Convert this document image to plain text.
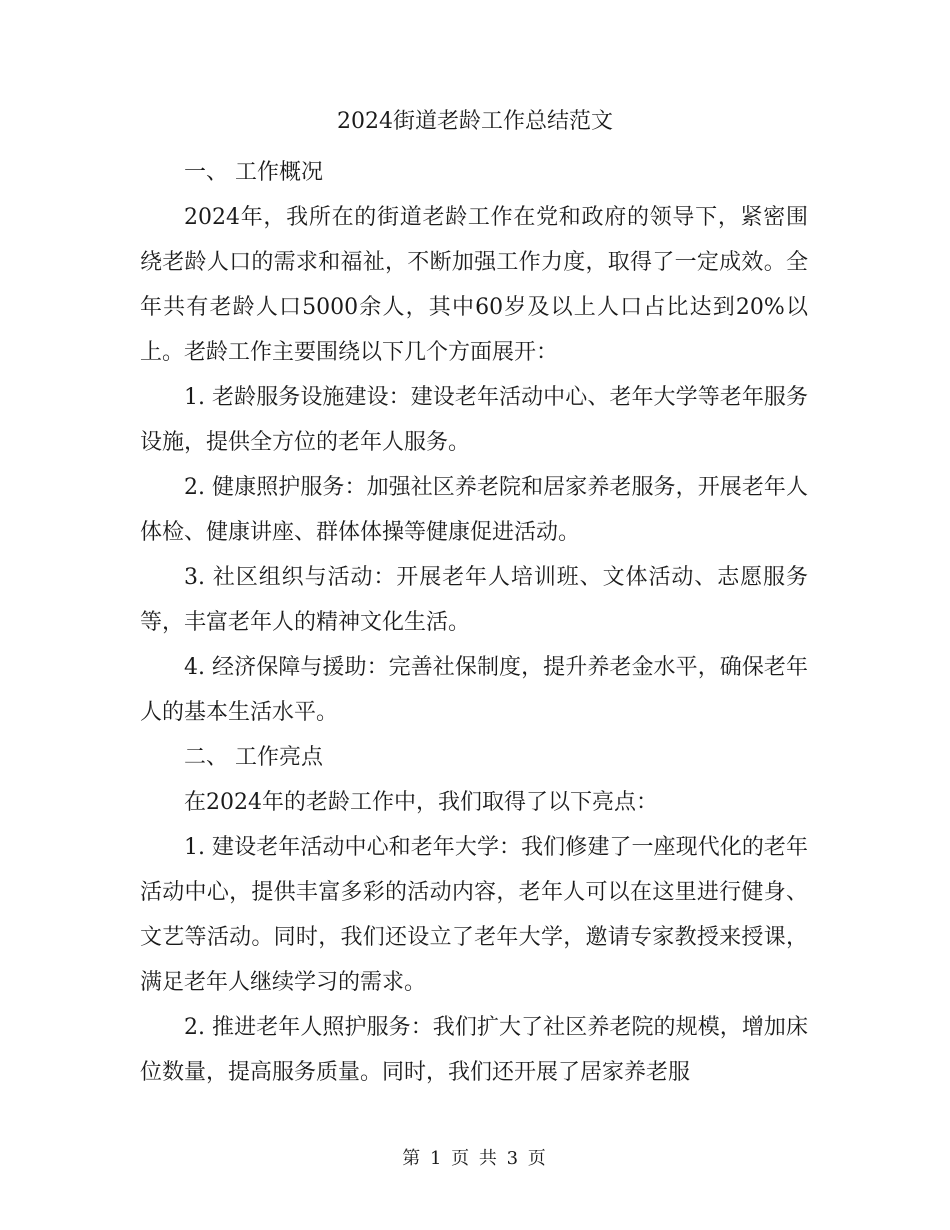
2024街道老龄工作总结范文

一、 工作概况

2024年，我所在的街道老龄工作在党和政府的领导下，紧密围绕老龄人口的需求和福祉，不断加强工作力度，取得了一定成效。全年共有老龄人口5000余人，其中60岁及以上人口占比达到20%以上。老龄工作主要围绕以下几个方面展开：

1. 老龄服务设施建设：建设老年活动中心、老年大学等老年服务设施，提供全方位的老年人服务。

2. 健康照护服务：加强社区养老院和居家养老服务，开展老年人体检、健康讲座、群体体操等健康促进活动。

3. 社区组织与活动：开展老年人培训班、文体活动、志愿服务等，丰富老年人的精神文化生活。

4. 经济保障与援助：完善社保制度，提升养老金水平，确保老年人的基本生活水平。

二、 工作亮点

在2024年的老龄工作中，我们取得了以下亮点：

1. 建设老年活动中心和老年大学：我们修建了一座现代化的老年活动中心，提供丰富多彩的活动内容，老年人可以在这里进行健身、文艺等活动。同时，我们还设立了老年大学，邀请专家教授来授课，满足老年人继续学习的需求。

2. 推进老年人照护服务：我们扩大了社区养老院的规模，增加床位数量，提高服务质量。同时，我们还开展了居家养老服

第 1 页 共 3 页
